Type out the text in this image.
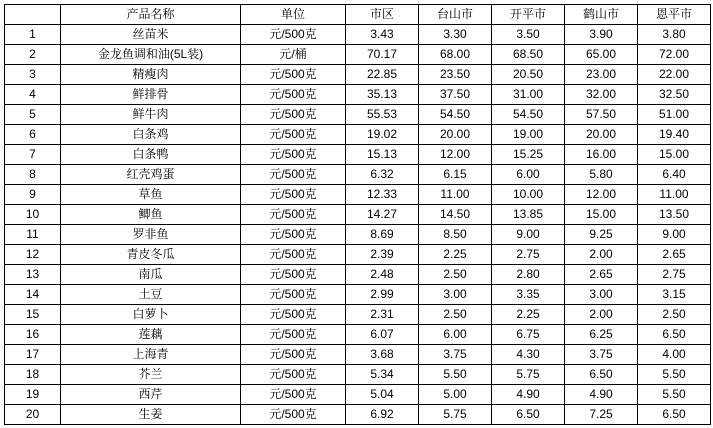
	产品名称	单位	市区	台山市	开平市	鹤山市	恩平市
1	丝苗米	元/500克	3.43	3.30	3.50	3.90	3.80
2	金龙鱼调和油(5L装)	元/桶	70.17	68.00	68.50	65.00	72.00
3	精瘦肉	元/500克	22.85	23.50	20.50	23.00	22.00
4	鲜排骨	元/500克	35.13	37.50	31.00	32.00	32.50
5	鲜牛肉	元/500克	55.53	54.50	54.50	57.50	51.00
6	白条鸡	元/500克	19.02	20.00	19.00	20.00	19.40
7	白条鸭	元/500克	15.13	12.00	15.25	16.00	15.00
8	红壳鸡蛋	元/500克	6.32	6.15	6.00	5.80	6.40
9	草鱼	元/500克	12.33	11.00	10.00	12.00	11.00
10	鲫鱼	元/500克	14.27	14.50	13.85	15.00	13.50
11	罗非鱼	元/500克	8.69	8.50	9.00	9.25	9.00
12	青皮冬瓜	元/500克	2.39	2.25	2.75	2.00	2.65
13	南瓜	元/500克	2.48	2.50	2.80	2.65	2.75
14	土豆	元/500克	2.99	3.00	3.35	3.00	3.15
15	白萝卜	元/500克	2.31	2.50	2.25	2.00	2.50
16	莲藕	元/500克	6.07	6.00	6.75	6.25	6.50
17	上海青	元/500克	3.68	3.75	4.30	3.75	4.00
18	芥兰	元/500克	5.34	5.50	5.75	6.50	5.50
19	西芹	元/500克	5.04	5.00	4.90	4.90	5.50
20	生姜	元/500克	6.92	5.75	6.50	7.25	6.50
